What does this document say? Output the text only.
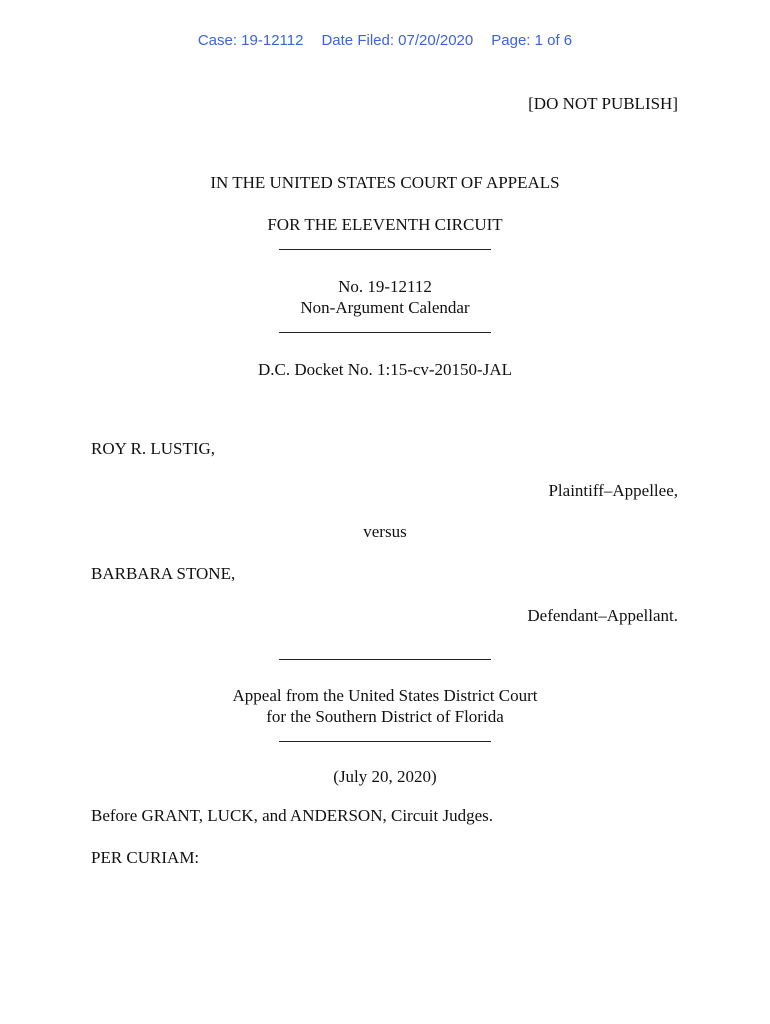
Case: 19-12112 Date Filed: 07/20/2020 Page: 1 of 6
[DO NOT PUBLISH]
IN THE UNITED STATES COURT OF APPEALS
FOR THE ELEVENTH CIRCUIT
No. 19-12112
Non-Argument Calendar
D.C. Docket No. 1:15-cv-20150-JAL
ROY R. LUSTIG,
Plaintiff–Appellee,
versus
BARBARA STONE,
Defendant–Appellant.
Appeal from the United States District Court
for the Southern District of Florida
(July 20, 2020)
Before GRANT, LUCK, and ANDERSON, Circuit Judges.
PER CURIAM:
